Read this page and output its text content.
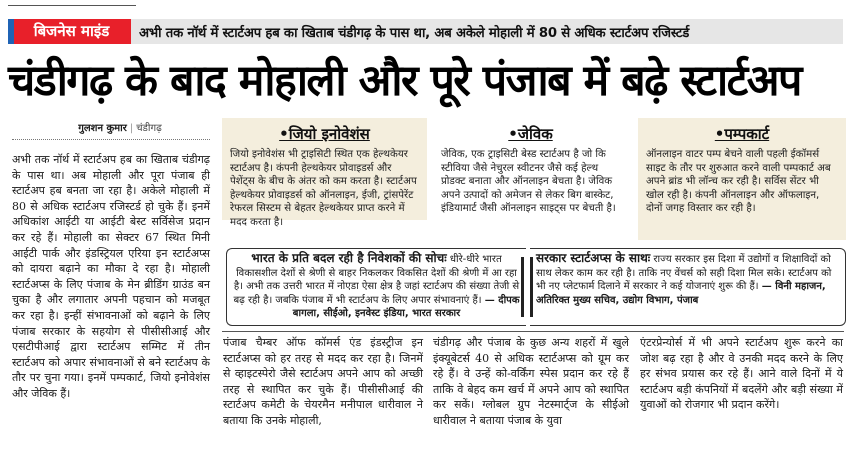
बिजनेस माइंड	अभी तक नॉर्थ में स्टार्टअप हब का खिताब चंडीगढ़ के पास था, अब अकेले मोहाली में 80 से अधिक स्टार्टअप रजिस्टर्ड
चंडीगढ़ के बाद मोहाली और पूरे पंजाब में बढ़े स्टार्टअप
गुलशन कुमार | चंडीगढ़
अभी तक नॉर्थ में स्टार्टअप हब का खिताब चंडीगढ़ के पास था। अब मोहाली और पूरा पंजाब ही स्टार्टअप हब बनता जा रहा है। अकेले मोहाली में 80 से अधिक स्टार्टअप रजिस्टर्ड हो चुके हैं। इनमें अधिकांश आईटी या आईटी बेस्ट सर्विसेज प्रदान कर रहे हैं। मोहाली का सेक्टर 67 स्थित मिनी आईटी पार्क और इंडस्ट्रियल एरिया इन स्टार्टअप्स को दायरा बढ़ाने का मौका दे रहा है। मोहाली स्टार्टअप्स के लिए पंजाब के मेन ब्रीडिंग ग्राउंड बन चुका है और लगातार अपनी पहचान को मजबूत कर रहा है। इन्हीं संभावनाओं को बढ़ाने के लिए पंजाब सरकार के सहयोग से पीसीसीआई और एसटीपीआई द्वारा स्टार्टअप सम्मिट में तीन स्टार्टअप को अपार संभावनाओं से बने स्टार्टअप के तौर पर चुना गया। इनमें पम्पकार्ट, जियो इनोवेशंस और जेविक हैं।
•जियो इनोवेशंस

जियो इनोवेशंस भी ट्राइसिटी स्थित एक हेल्थकेयर स्टार्टअप है। कंपनी हेल्थकेयर प्रोवाइडर्स और पेशेंट्स के बीच के अंतर को कम करता है। स्टार्टअप हेल्थकेयर प्रोवाइडर्स को ऑनलाइन, ईजी, ट्रांसपेरेंट रेफरल सिस्टम से बेहतर हेल्थकेयर प्राप्त करने में मदद करता है।

•जेविक

जेविक, एक ट्राइसिटी बेस्ड स्टार्टअप है जो कि स्टीविया जैसे नेचुरल स्वीटनर जैसे कई हेल्थ प्रोडक्ट बनाता और ऑनलाइन बेचता है। जेविक अपने उत्पादों को अमेजन से लेकर बिग बास्केट, इंडियामार्ट जैसी ऑनलाइन साइट्स पर बेचती है।

•पम्पकार्ट

ऑनलाइन वाटर पम्प बेचने वाली पहली ईकॉमर्स साइट के तौर पर शुरुआत करने वाली पम्पकार्ट अब अपने ब्रांड भी लॉन्च कर रही है। सर्विस सेंटर भी खोल रही है। कंपनी ऑनलाइन और ऑफलाइन, दोनों जगह विस्तार कर रही है।

भारत के प्रति बदल रही है निवेशकों की सोचः धीरे-धीरे भारत विकासशील देशों से श्रेणी से बाहर निकलकर विकसित देशों की श्रेणी में आ रहा है। अभी तक उत्तरी भारत में नोएडा ऐसा क्षेत्र है जहां स्टार्टअप की संख्या तेजी से बढ़ रही है। जबकि पंजाब में भी स्टार्टअप के लिए अपार संभावनाएं हैं। — दीपक बागला, सीईओ, इनवेस्ट इंडिया, भारत सरकार
सरकार स्टार्टअप्स के साथः राज्य सरकार इस दिशा में उद्योगों व शिक्षाविदों को साथ लेकर काम कर रही है। ताकि नए वेंचर्स को सही दिशा मिल सके। स्टार्टअप को भी नए प्लेटफार्म दिलाने में सरकार ने कई योजनाएं शुरू की हैं। — विनी महाजन, अतिरिक्त मुख्य सचिव, उद्योग विभाग, पंजाब
पंजाब चैम्बर ऑफ कॉमर्स एंड इंडस्ट्रीज इन स्टार्टअप्स को हर तरह से मदद कर रहा है। जिनमें से व्हाइटस्पेरो जैसे स्टार्टअप अपने आप को अच्छी तरह से स्थापित कर चुके हैं। पीसीसीआई की स्टार्टअप कमेटी के चेयरमैन मनीपाल धारीवाल ने बताया कि उनके मोहाली,
चंडीगढ़ और पंजाब के कुछ अन्य शहरों में खुले इंक्यूबेटर्स 40 से अधिक स्टार्टअप्स को ग्रूम कर रहे हैं। वे उन्हें को-वर्किंग स्पेस प्रदान कर रहे हैं ताकि वे बेहद कम खर्च में अपने आप को स्थापित कर सकें। ग्लोबल ग्रुप नेटस्मार्ट्ज के सीईओ धारीवाल ने बताया पंजाब के युवा
एंटरप्रेन्योर्स में भी अपने स्टार्टअप शुरू करने का जोश बढ़ रहा है और वे उनकी मदद करने के लिए हर संभव प्रयास कर रहे हैं। आने वाले दिनों में ये स्टार्टअप बड़ी कंपनियों में बदलेंगे और बड़ी संख्या में युवाओं को रोजगार भी प्रदान करेंगे।
